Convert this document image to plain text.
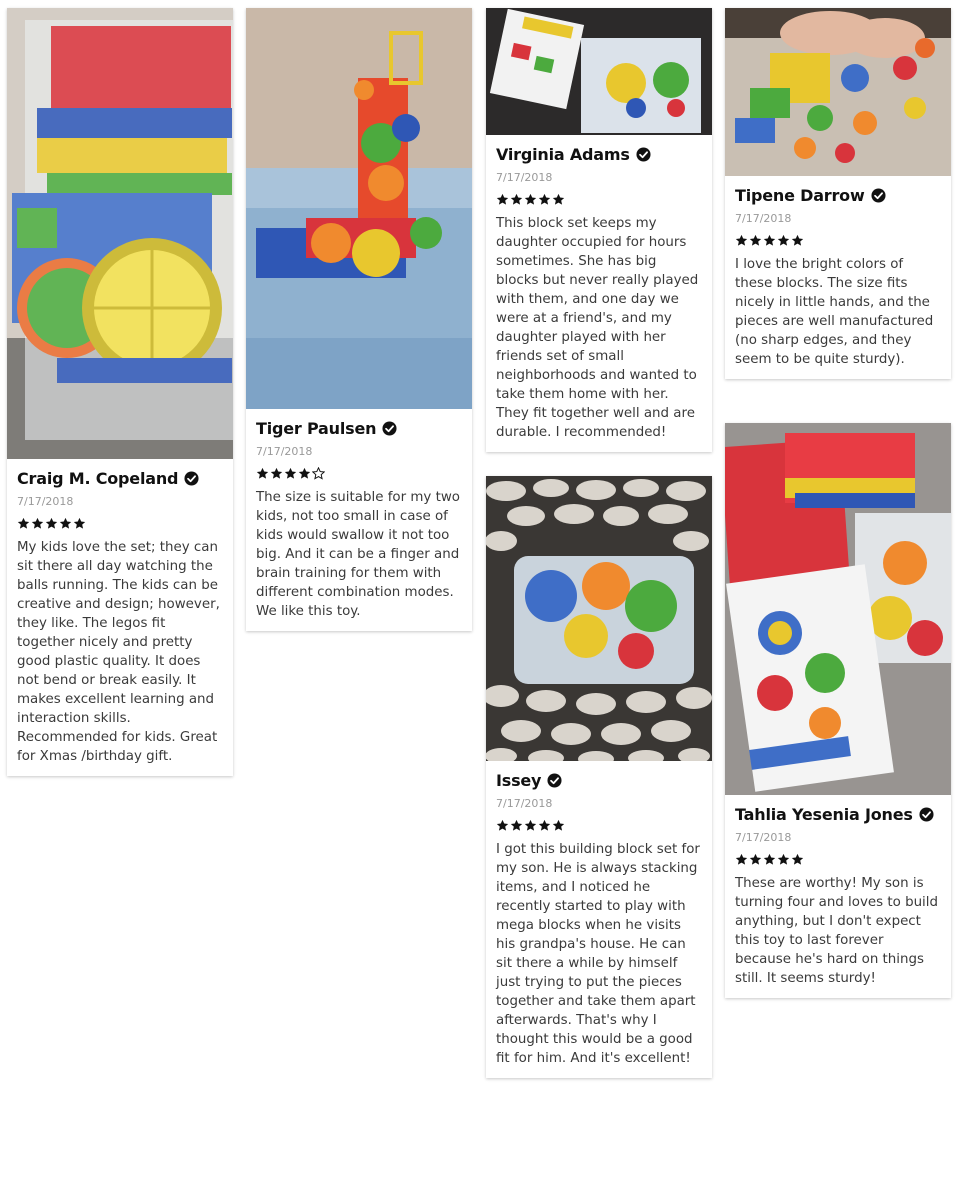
Craig M. Copeland
7/17/2018
My kids love the set; they can sit there all day watching the balls running. The kids can be creative and design; however, they like. The legos fit together nicely and pretty good plastic quality. It does not bend or break easily. It makes excellent learning and interaction skills. Recommended for kids. Great for Xmas /birthday gift.
Tiger Paulsen
7/17/2018
The size is suitable for my two kids, not too small in case of kids would swallow it not too big. And it can be a finger and brain training for them with different combination modes. We like this toy.
Virginia Adams
7/17/2018
This block set keeps my daughter occupied for hours sometimes. She has big blocks but never really played with them, and one day we were at a friend's, and my daughter played with her friends set of small neighborhoods and wanted to take them home with her. They fit together well and are durable. I recommended!
Issey
7/17/2018
I got this building block set for my son. He is always stacking items, and I noticed he recently started to play with mega blocks when he visits his grandpa's house. He can sit there a while by himself just trying to put the pieces together and take them apart afterwards. That's why I thought this would be a good fit for him. And it's excellent!
Tipene Darrow
7/17/2018
I love the bright colors of these blocks. The size fits nicely in little hands, and the pieces are well manufactured (no sharp edges, and they seem to be quite sturdy).
Tahlia Yesenia Jones
7/17/2018
These are worthy! My son is turning four and loves to build anything, but I don't expect this toy to last forever because he's hard on things still. It seems sturdy!
